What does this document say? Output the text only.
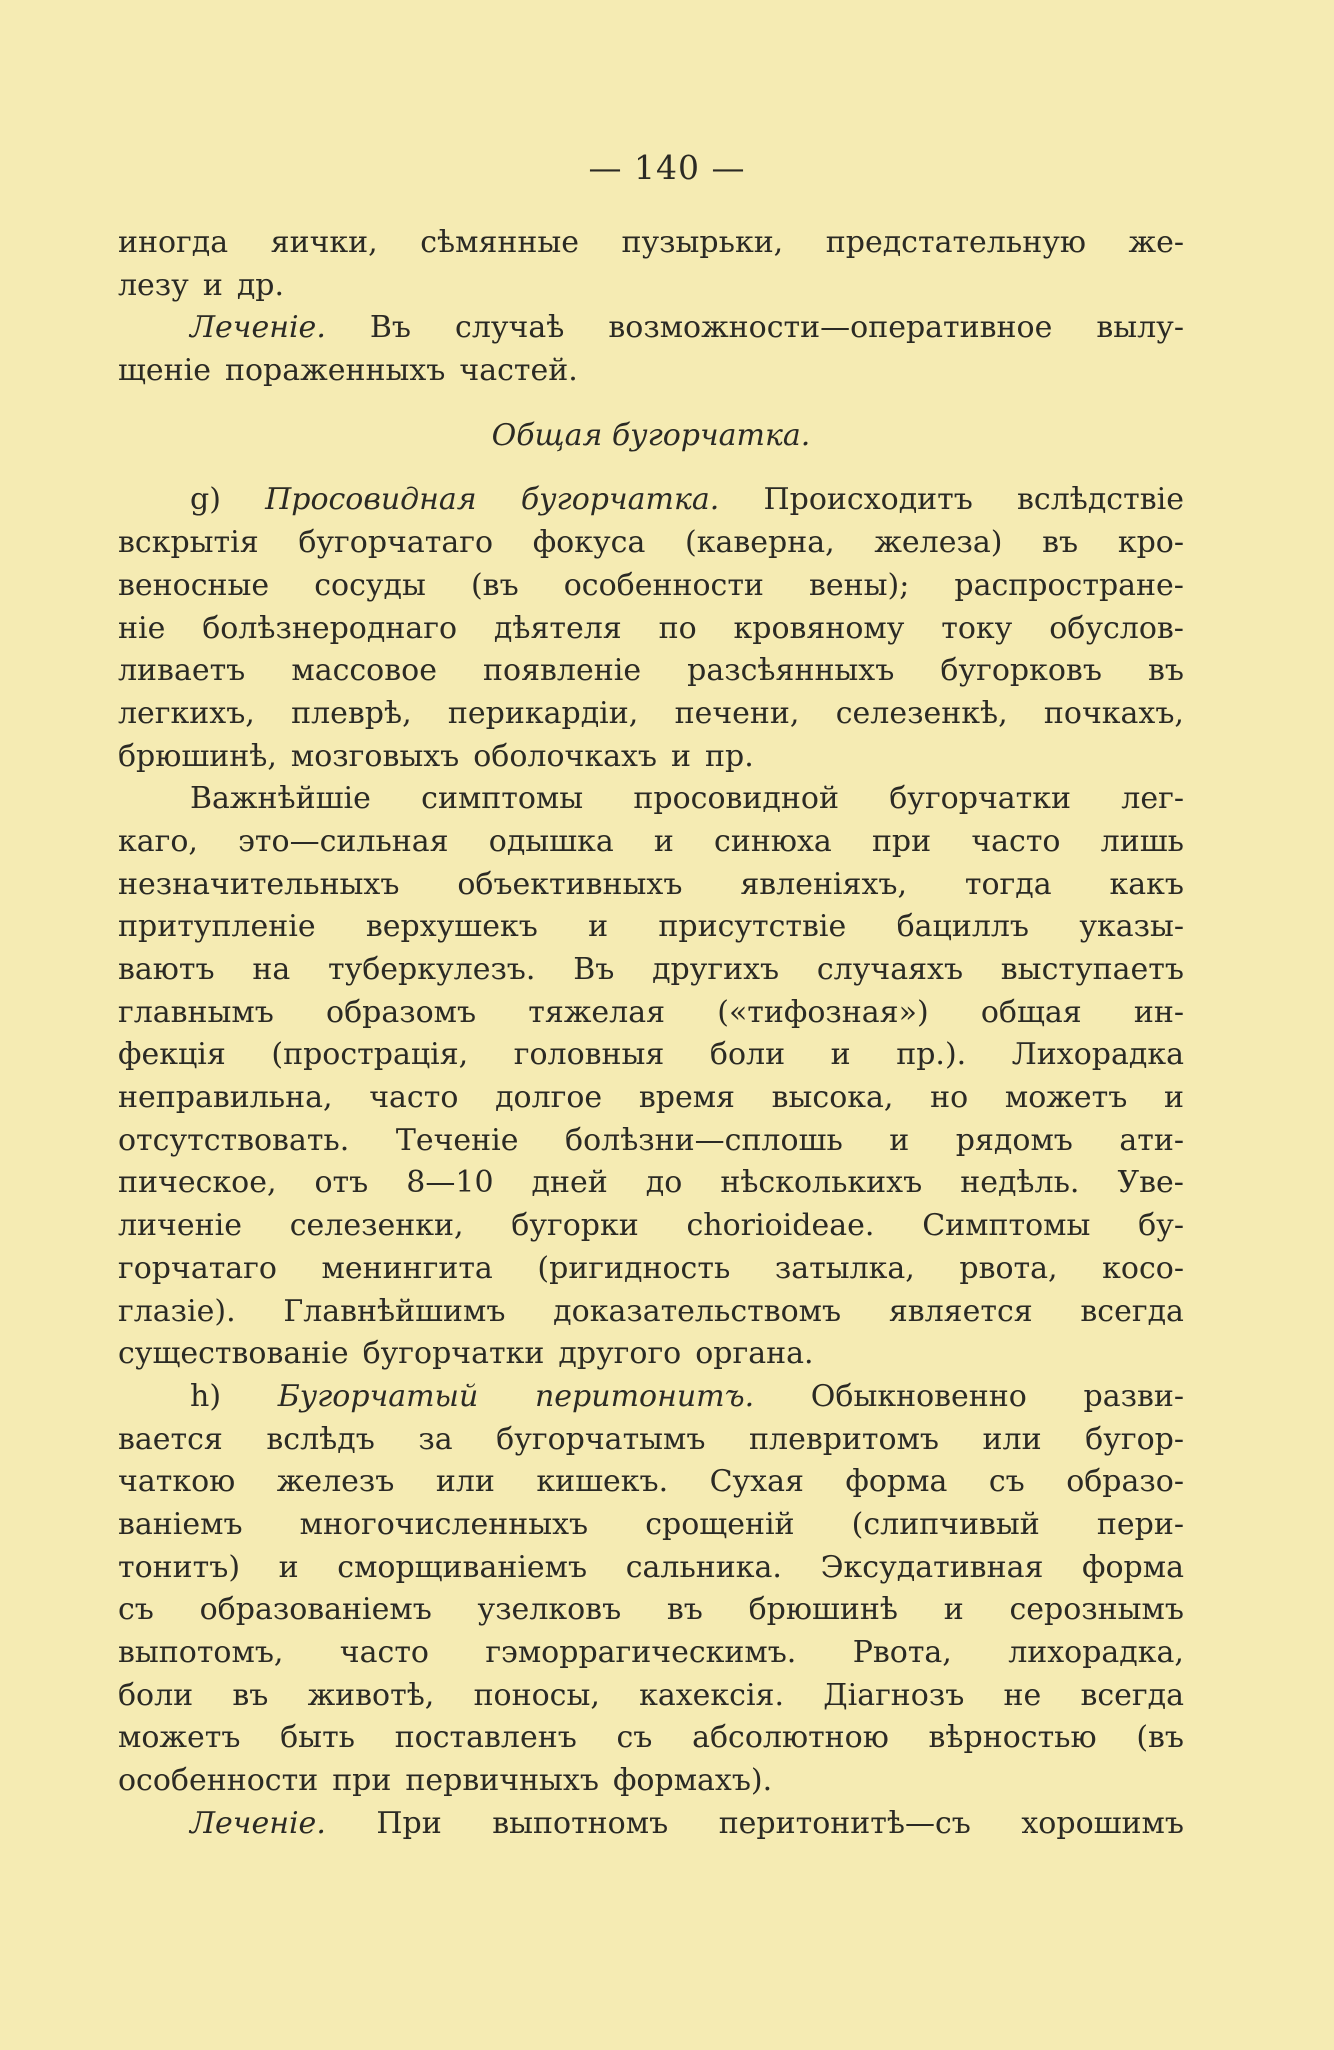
— 140 —
иногда яички, сѣмянные пузырьки, предстательную же-
лезу и др.
Леченіе. Въ случаѣ возможности—оперативное вылу-
щеніе пораженныхъ частей.
Общая бугорчатка.
g) Просовидная бугорчатка. Происходитъ вслѣдствіе
вскрытія бугорчатаго фокуса (каверна, железа) въ кро-
веносные сосуды (въ особенности вены); распростране-
ніе болѣзнероднаго дѣятеля по кровяному току обуслов-
ливаетъ массовое появленіе разсѣянныхъ бугорковъ въ
легкихъ, плеврѣ, перикардіи, печени, селезенкѣ, почкахъ,
брюшинѣ, мозговыхъ оболочкахъ и пр.
Важнѣйшіе симптомы просовидной бугорчатки лег-
каго, это—сильная одышка и синюха при часто лишь
незначительныхъ объективныхъ явленіяхъ, тогда какъ
притупленіе верхушекъ и присутствіе бациллъ указы-
ваютъ на туберкулезъ. Въ другихъ случаяхъ выступаетъ
главнымъ образомъ тяжелая («тифозная») общая ин-
фекція (прострація, головныя боли и пр.). Лихорадка
неправильна, часто долгое время высока, но можетъ и
отсутствовать. Теченіе болѣзни—сплошь и рядомъ ати-
пическое, отъ 8—10 дней до нѣсколькихъ недѣль. Уве-
личеніе селезенки, бугорки chorioideae. Симптомы бу-
горчатаго менингита (ригидность затылка, рвота, косо-
глазіе). Главнѣйшимъ доказательствомъ является всегда
существованіе бугорчатки другого органа.
h) Бугорчатый перитонитъ. Обыкновенно разви-
вается вслѣдъ за бугорчатымъ плевритомъ или бугор-
чаткою железъ или кишекъ. Сухая форма съ образо-
ваніемъ многочисленныхъ срощеній (слипчивый пери-
тонитъ) и сморщиваніемъ сальника. Эксудативная форма
съ образованіемъ узелковъ въ брюшинѣ и серознымъ
выпотомъ, часто гэморрагическимъ. Рвота, лихорадка,
боли въ животѣ, поносы, кахексія. Діагнозъ не всегда
можетъ быть поставленъ съ абсолютною вѣрностью (въ
особенности при первичныхъ формахъ).
Леченіе. При выпотномъ перитонитѣ—съ хорошимъ
